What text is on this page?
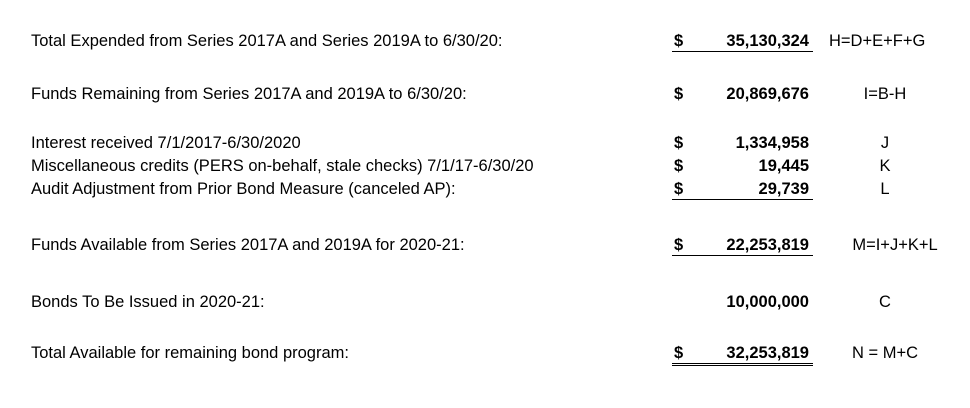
Total Expended from Series 2017A and Series 2019A to 6/30/20:	$	35,130,324 H=D+E+F+G
Funds Remaining from Series 2017A and 2019A to 6/30/20:	$	20,869,676	I=B-H
Interest received 7/1/2017-6/30/2020	$	1,334,958	J
Miscellaneous credits (PERS on-behalf, stale checks) 7/1/17-6/30/20	$	19,445	K
Audit Adjustment from Prior Bond Measure (canceled AP):	$	29,739	L
Funds Available from Series 2017A and 2019A for 2020-21:	$	22,253,819	M=I+J+K+L
Bonds To Be Issued in 2020-21:	10,000,000	C
Total Available for remaining bond program:	$	32,253,819	N = M+C
